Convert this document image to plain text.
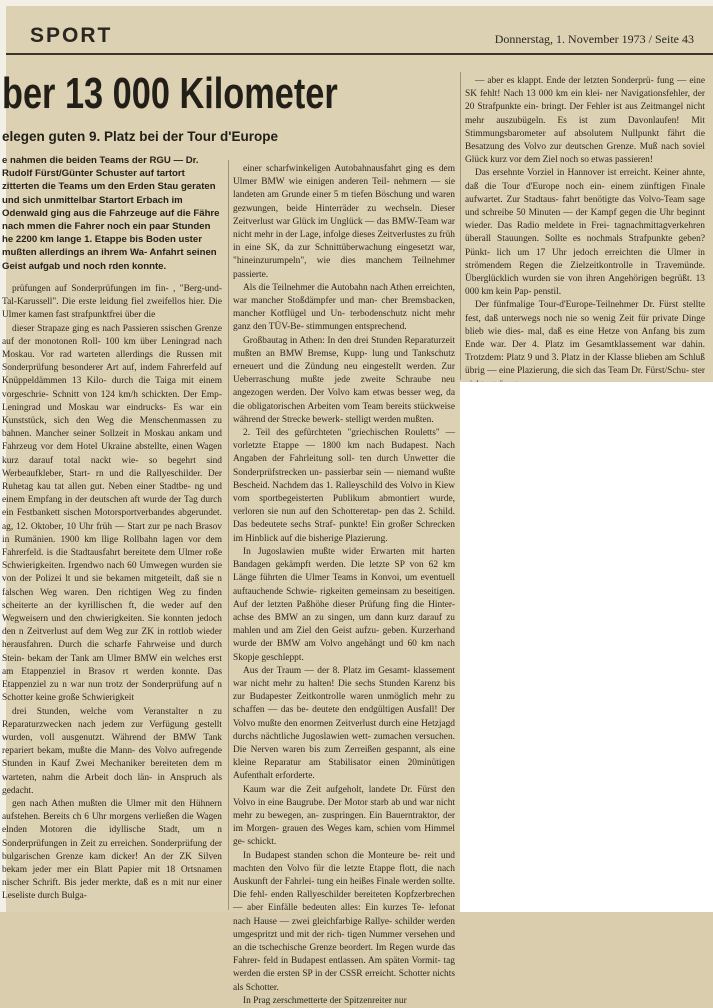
SPORT	Donnerstag, 1. November 1973 / Seite 43
ber 13 000 Kilometer
elegen guten 9. Platz bei der Tour d'Europe
e nahmen die beiden Teams der RGU — Dr. Rudolf Fürst/Günter Schuster auf tartort zitterten die Teams um den Erden Stau geraten und sich unmittelbar Startort Erbach im Odenwald ging aus die Fahrzeuge auf die Fähre nach mmen die Fahrer noch ein paar Stunden he 2200 km lange 1. Etappe bis Boden uster mußten allerdings an ihrem Wa- Anfahrt seinen Geist aufgab und noch rden konnte.

prüfungen auf Sonderprüfungen im fin- , "Berg-und-Tal-Karussell". Die erste leidung fiel zweifellos hier. Die Ulmer kamen fast strafpunktfrei über die

dieser Strapaze ging es nach Passieren ssischen Grenze auf der monotonen Roll- 100 km über Leningrad nach Moskau. Vor rad warteten allerdings die Russen mit Sonderprüfung besonderer Art auf, indem Fahrerfeld auf Knüppeldämmen 13 Kilo- durch die Taiga mit einem vorgeschrie- Schnitt von 124 km/h schickten. Der Emp- Leningrad und Moskau war eindrucks- Es war ein Kunststück, sich den Weg die Menschenmassen zu bahnen. Mancher seiner Sollzeit in Moskau ankam und Fahrzeug vor dem Hotel Ukraine abstellte, einen Wagen kurz darauf total nackt wie- so begehrt sind Werbeaufkleber, Start- rn und die Rallyeschilder. Der Ruhetag kau tat allen gut. Neben einer Stadtbe- ng und einem Empfang in der deutschen aft wurde der Tag durch ein Festbankett sischen Motorsportverbandes abgerundet. ag, 12. Oktober, 10 Uhr früh — Start zur pe nach Brasov in Rumänien. 1900 km llige Rollbahn lagen vor dem Fahrerfeld. is die Stadtausfahrt bereitete dem Ulmer roße Schwierigkeiten. Irgendwo nach 60 Umwegen wurden sie von der Polizei lt und sie bekamen mitgeteilt, daß sie n falschen Weg waren. Den richtigen Weg zu finden scheiterte an der kyrillischen ft, die weder auf den Wegweisern und den chwierigkeiten. Sie konnten jedoch den n Zeitverlust auf dem Weg zur ZK in rottlob wieder herausfahren. Durch die scharfe Fahrweise und durch Stein- bekam der Tank am Ulmer BMW ein welches erst am Etappenziel in Brasov rt werden konnte. Das Etappenziel zu n war nun trotz der Sonderprüfung auf n Schotter keine große Schwierigkeit

drei Stunden, welche vom Veranstalter n zu Reparaturzwecken nach jedem zur Verfügung gestellt wurden, voll ausgenutzt. Während der BMW Tank repariert bekam, mußte die Mann- des Volvo aufregende Stunden in Kauf Zwei Mechaniker bereiteten dem m warteten, nahm die Arbeit doch län- in Anspruch als gedacht.

gen nach Athen mußten die Ulmer mit den Hühnern aufstehen. Bereits ch 6 Uhr morgens verließen die Wagen elnden Motoren die idyllische Stadt, um n Sonderprüfungen in Zeit zu erreichen. Sonderprüfung der bulgarischen Grenze kam dicker! An der ZK Silven bekam jeder mer ein Blatt Papier mit 18 Ortsnamen nischer Schrift. Bis jeder merkte, daß es n mit nur einer Leseliste durch Bulga-

einer scharfwinkeligen Autobahnausfahrt ging es dem Ulmer BMW wie einigen anderen Teil- nehmern — sie landeten am Grunde einer 5 m tiefen Böschung und waren gezwungen, beide Hinterräder zu wechseln. Dieser Zeitverlust war Glück im Unglück — das BMW-Team war nicht mehr in der Lage, infolge dieses Zeitverlustes zu früh in eine SK, da zur Schnittüberwachung eingesetzt war, "hineinzurumpeln", wie dies manchem Teilnehmer passierte.

Als die Teilnehmer die Autobahn nach Athen erreichten, war mancher Stoßdämpfer und man- cher Bremsbacken, mancher Kotflügel und Un- terbodenschutz nicht mehr ganz den TÜV-Be- stimmungen entsprechend.

Großbautag in Athen: In den drei Stunden Reparaturzeit mußten an BMW Bremse, Kupp- lung und Tankschutz erneuert und die Zündung neu eingestellt werden. Zur Ueberraschung mußte jede zweite Schraube neu angezogen werden. Der Volvo kam etwas besser weg, da die obligatorischen Arbeiten vom Team bereits stückweise während der Strecke bewerk- stelligt werden mußten.

2. Teil des gefürchteten "griechischen Rouletts" — vorletzte Etappe — 1800 km nach Budapest. Nach Angaben der Fahrleitung soll- ten durch Unwetter die Sonderprüfstrecken un- passierbar sein — niemand wußte Bescheid. Nachdem das 1. Ralleyschild des Volvo in Kiew vom sportbegeisterten Publikum abmontiert wurde, verloren sie nun auf den Schotteretap- pen das 2. Schild. Das bedeutete sechs Straf- punkte! Ein großer Schrecken im Hinblick auf die bisherige Plazierung.

In Jugoslawien mußte wider Erwarten mit harten Bandagen gekämpft werden. Die letzte SP von 62 km Länge führten die Ulmer Teams in Konvoi, um eventuell auftauchende Schwie- rigkeiten gemeinsam zu beseitigen. Auf der letzten Paßhöhe dieser Prüfung fing die Hinter- achse des BMW an zu singen, um dann kurz darauf zu mahlen und am Ziel den Geist aufzu- geben. Kurzerhand wurde der BMW am Volvo angehängt und 60 km nach Skopje geschleppt.

Aus der Traum — der 8. Platz im Gesamt- klassement war nicht mehr zu halten! Die sechs Stunden Karenz bis zur Budapester Zeitkontrolle waren unmöglich mehr zu schaffen — das be- deutete den endgültigen Ausfall! Der Volvo mußte den enormen Zeitverlust durch eine Hetzjagd durchs nächtliche Jugoslawien wett- zumachen versuchen. Die Nerven waren bis zum Zerreißen gespannt, als eine kleine Reparatur am Stabilisator einen 20minütigen Aufenthalt erforderte.

Kaum war die Zeit aufgeholt, landete Dr. Fürst den Volvo in eine Baugrube. Der Motor starb ab und war nicht mehr zu bewegen, an- zuspringen. Ein Bauerntraktor, der im Morgen- grauen des Weges kam, schien vom Himmel ge- schickt.

In Budapest standen schon die Monteure be- reit und machten den Volvo für die letzte Etappe flott, die nach Auskunft der Fahrlei- tung ein heißes Finale werden sollte. Die fehl- enden Rallyeschilder bereiteten Kopfzerbrechen — aber Einfälle bedeuten alles: Ein kurzes Te- lefonat nach Hause — zwei gleichfarbige Rallye- schilder werden umgespritzt und mit der rich- tigen Nummer versehen und an die tschechische Grenze beordert. Im Regen wurde das Fahrer- feld in Budapest entlassen. Am späten Vormit- tag werden die ersten SP in der CSSR erreicht. Schotter nichts als Schotter.

In Prag zerschmetterte der Spitzenreiter nur

— aber es klappt. Ende der letzten Sonderprü- fung — eine SK fehlt! Nach 13 000 km ein klei- ner Navigationsfehler, der 20 Strafpunkte ein- bringt. Der Fehler ist aus Zeitmangel nicht mehr auszubügeln. Es ist zum Davonlaufen! Mit Stimmungsbarometer auf absolutem Nullpunkt fährt die Besatzung des Volvo zur deutschen Grenze. Muß nach soviel Glück kurz vor dem Ziel noch so etwas passieren!

Das ersehnte Vorziel in Hannover ist erreicht. Keiner ahnte, daß die Tour d'Europe noch ein- einem zünftigen Finale aufwartet. Zur Stadtaus- fahrt benötigte das Volvo-Team sage und schreibe 50 Minuten — der Kampf gegen die Uhr beginnt wieder. Das Radio meldete in Frei- tagnachmittagverkehren überall Stauungen. Sollte es nochmals Strafpunkte geben? Pünkt- lich um 17 Uhr jedoch erreichten die Ulmer in strömendem Regen die Zielzeitkontrolle in Travemünde. Überglücklich wurden sie von ihren Angehörigen begrüßt. 13 000 km kein Pap- penstil.

Der fünfmalige Tour-d'Europe-Teilnehmer Dr. Fürst stellte fest, daß unterwegs noch nie so wenig Zeit für private Dinge blieb wie dies- mal, daß es eine Hetze von Anfang bis zum Ende war. Der 4. Platz im Gesamtklassement war dahin. Trotzdem: Platz 9 und 3. Platz in der Klasse blieben am Schluß übrig — eine Plazierung, die sich das Team Dr. Fürst/Schu- ster
